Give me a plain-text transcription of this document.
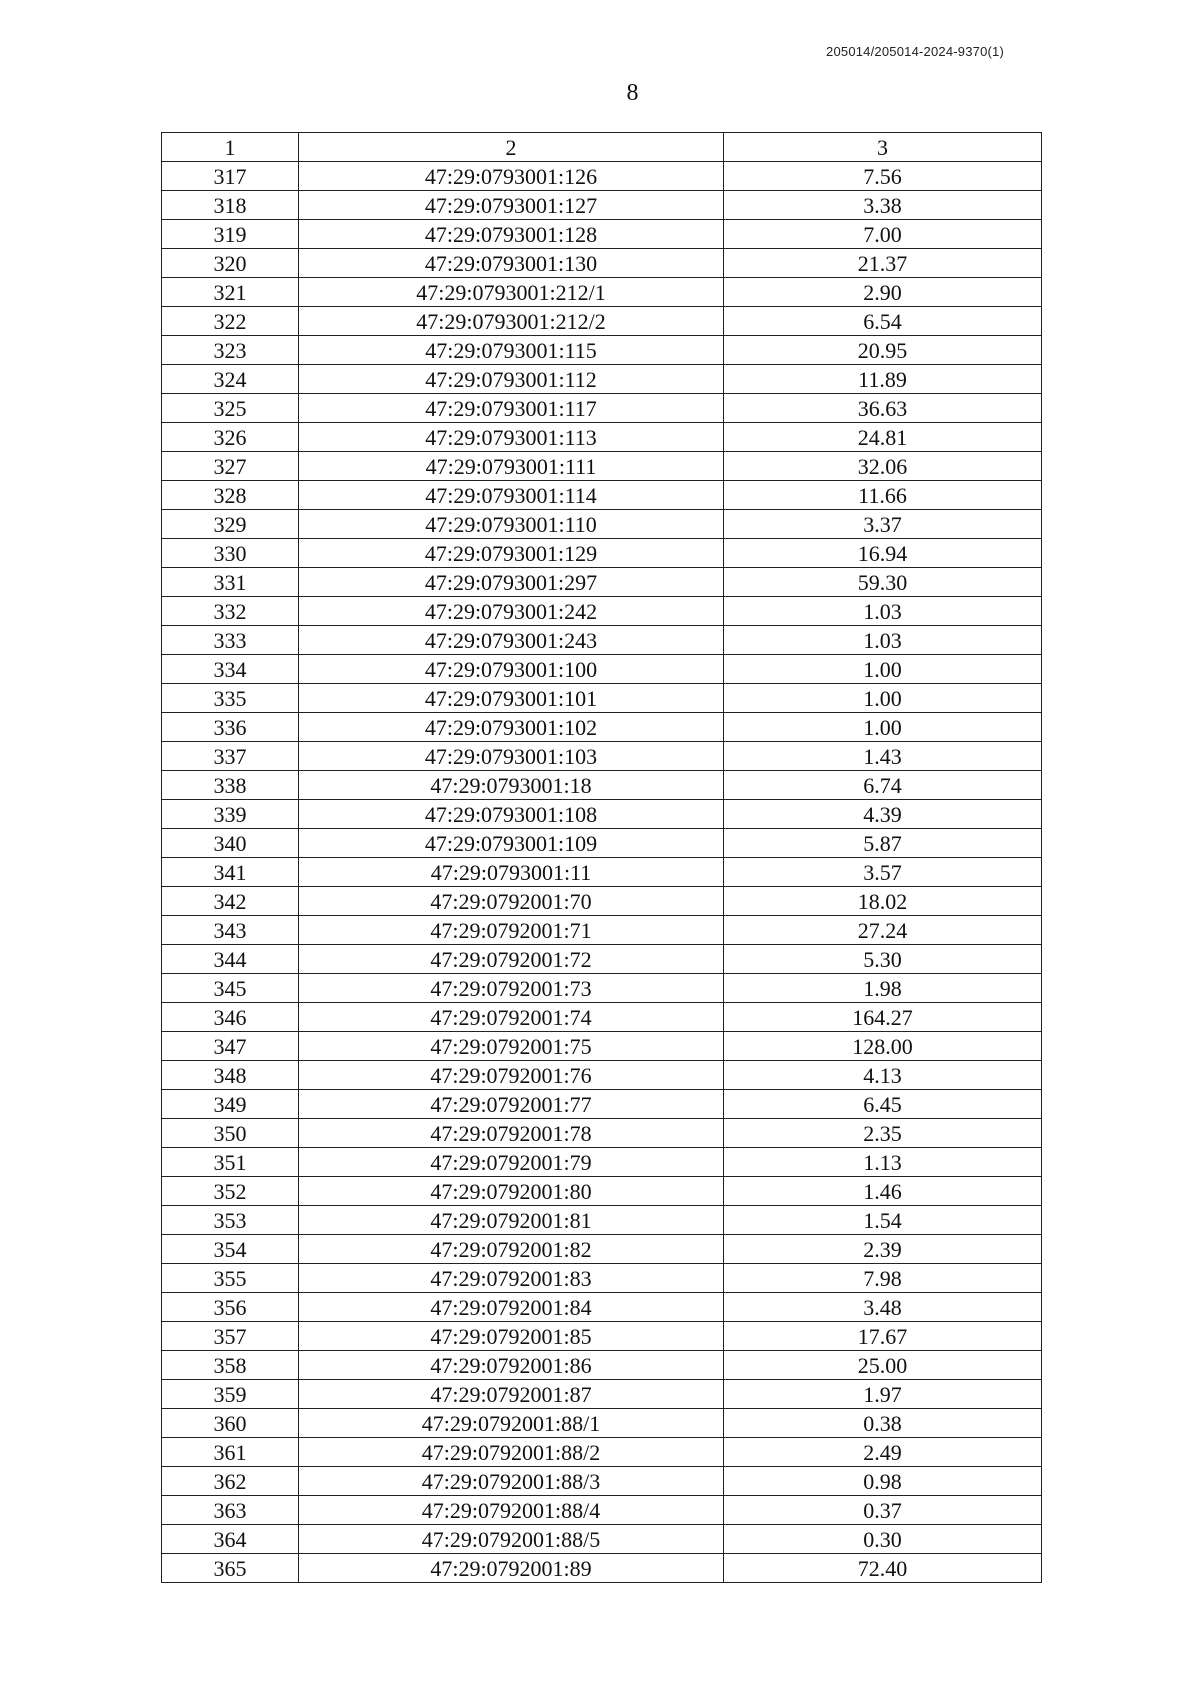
205014/205014-2024-9370(1)
8
1	2	3
317	47:29:0793001:126	7.56
318	47:29:0793001:127	3.38
319	47:29:0793001:128	7.00
320	47:29:0793001:130	21.37
321	47:29:0793001:212/1	2.90
322	47:29:0793001:212/2	6.54
323	47:29:0793001:115	20.95
324	47:29:0793001:112	11.89
325	47:29:0793001:117	36.63
326	47:29:0793001:113	24.81
327	47:29:0793001:111	32.06
328	47:29:0793001:114	11.66
329	47:29:0793001:110	3.37
330	47:29:0793001:129	16.94
331	47:29:0793001:297	59.30
332	47:29:0793001:242	1.03
333	47:29:0793001:243	1.03
334	47:29:0793001:100	1.00
335	47:29:0793001:101	1.00
336	47:29:0793001:102	1.00
337	47:29:0793001:103	1.43
338	47:29:0793001:18	6.74
339	47:29:0793001:108	4.39
340	47:29:0793001:109	5.87
341	47:29:0793001:11	3.57
342	47:29:0792001:70	18.02
343	47:29:0792001:71	27.24
344	47:29:0792001:72	5.30
345	47:29:0792001:73	1.98
346	47:29:0792001:74	164.27
347	47:29:0792001:75	128.00
348	47:29:0792001:76	4.13
349	47:29:0792001:77	6.45
350	47:29:0792001:78	2.35
351	47:29:0792001:79	1.13
352	47:29:0792001:80	1.46
353	47:29:0792001:81	1.54
354	47:29:0792001:82	2.39
355	47:29:0792001:83	7.98
356	47:29:0792001:84	3.48
357	47:29:0792001:85	17.67
358	47:29:0792001:86	25.00
359	47:29:0792001:87	1.97
360	47:29:0792001:88/1	0.38
361	47:29:0792001:88/2	2.49
362	47:29:0792001:88/3	0.98
363	47:29:0792001:88/4	0.37
364	47:29:0792001:88/5	0.30
365	47:29:0792001:89	72.40
